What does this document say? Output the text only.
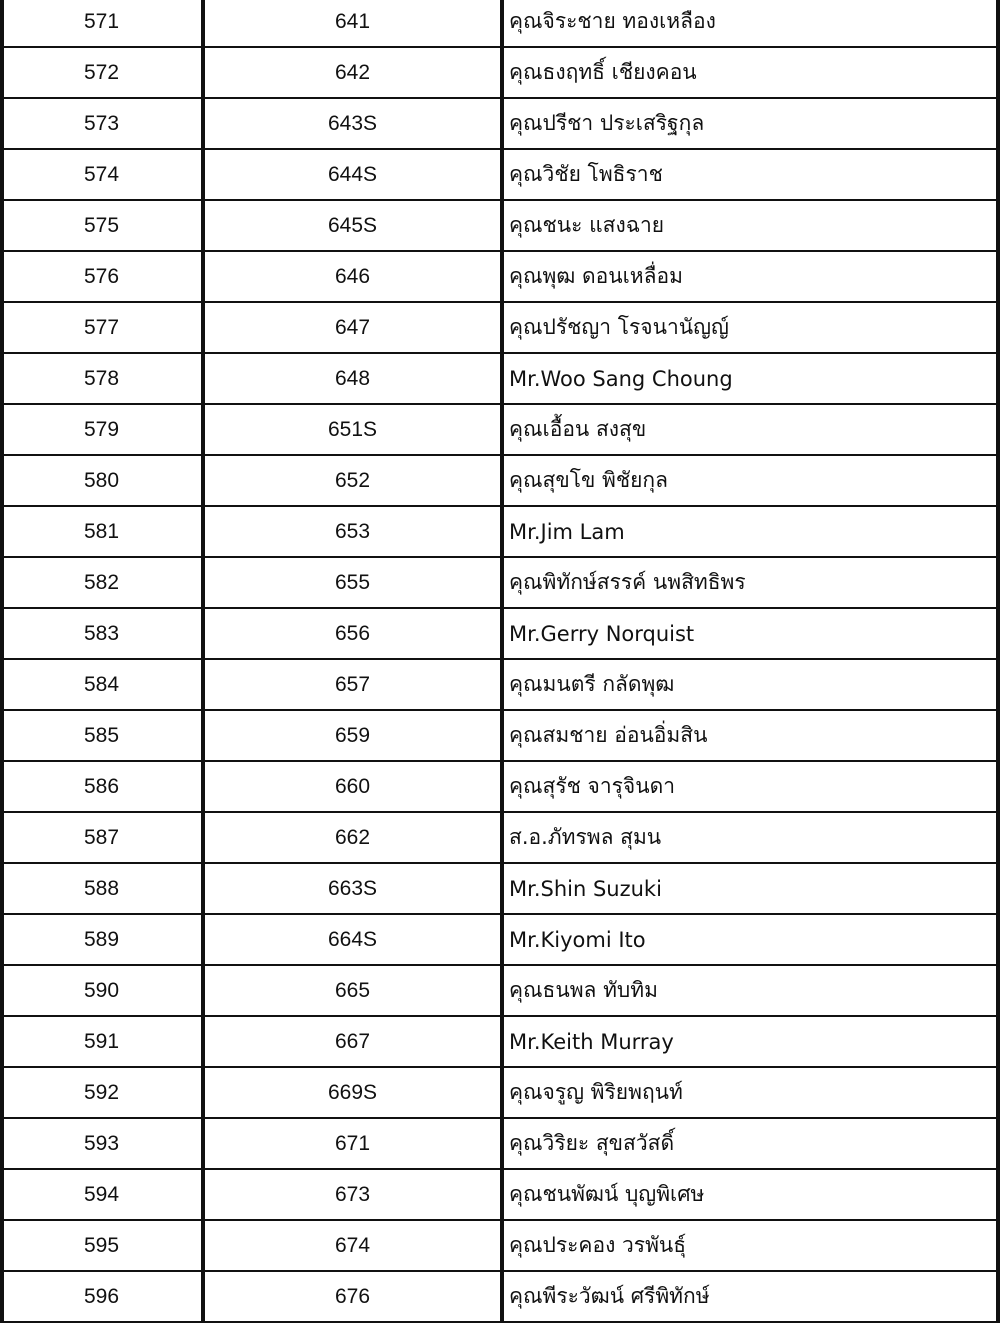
571	641	คุณจิระชาย ทองเหลือง
572	642	คุณธงฤทธิ์ เชียงคอน
573	643S	คุณปรีชา ประเสริฐกุล
574	644S	คุณวิชัย โพธิราช
575	645S	คุณชนะ แสงฉาย
576	646	คุณพุฒ ดอนเหลื่อม
577	647	คุณปรัชญา โรจนานัญญ์
578	648	Mr.Woo Sang Choung
579	651S	คุณเอื้อน สงสุข
580	652	คุณสุขโข พิชัยกุล
581	653	Mr.Jim Lam
582	655	คุณพิทักษ์สรรค์ นพสิทธิพร
583	656	Mr.Gerry Norquist
584	657	คุณมนตรี กลัดพุฒ
585	659	คุณสมชาย อ่อนอิ่มสิน
586	660	คุณสุรัช จารุจินดา
587	662	ส.อ.ภัทรพล สุมน
588	663S	Mr.Shin Suzuki
589	664S	Mr.Kiyomi Ito
590	665	คุณธนพล ทับทิม
591	667	Mr.Keith Murray
592	669S	คุณจรูญ พิริยพฤนท์
593	671	คุณวิริยะ สุขสวัสดิ์
594	673	คุณชนพัฒน์ บุญพิเศษ
595	674	คุณประคอง วรพันธุ์
596	676	คุณพีระวัฒน์ ศรีพิทักษ์
